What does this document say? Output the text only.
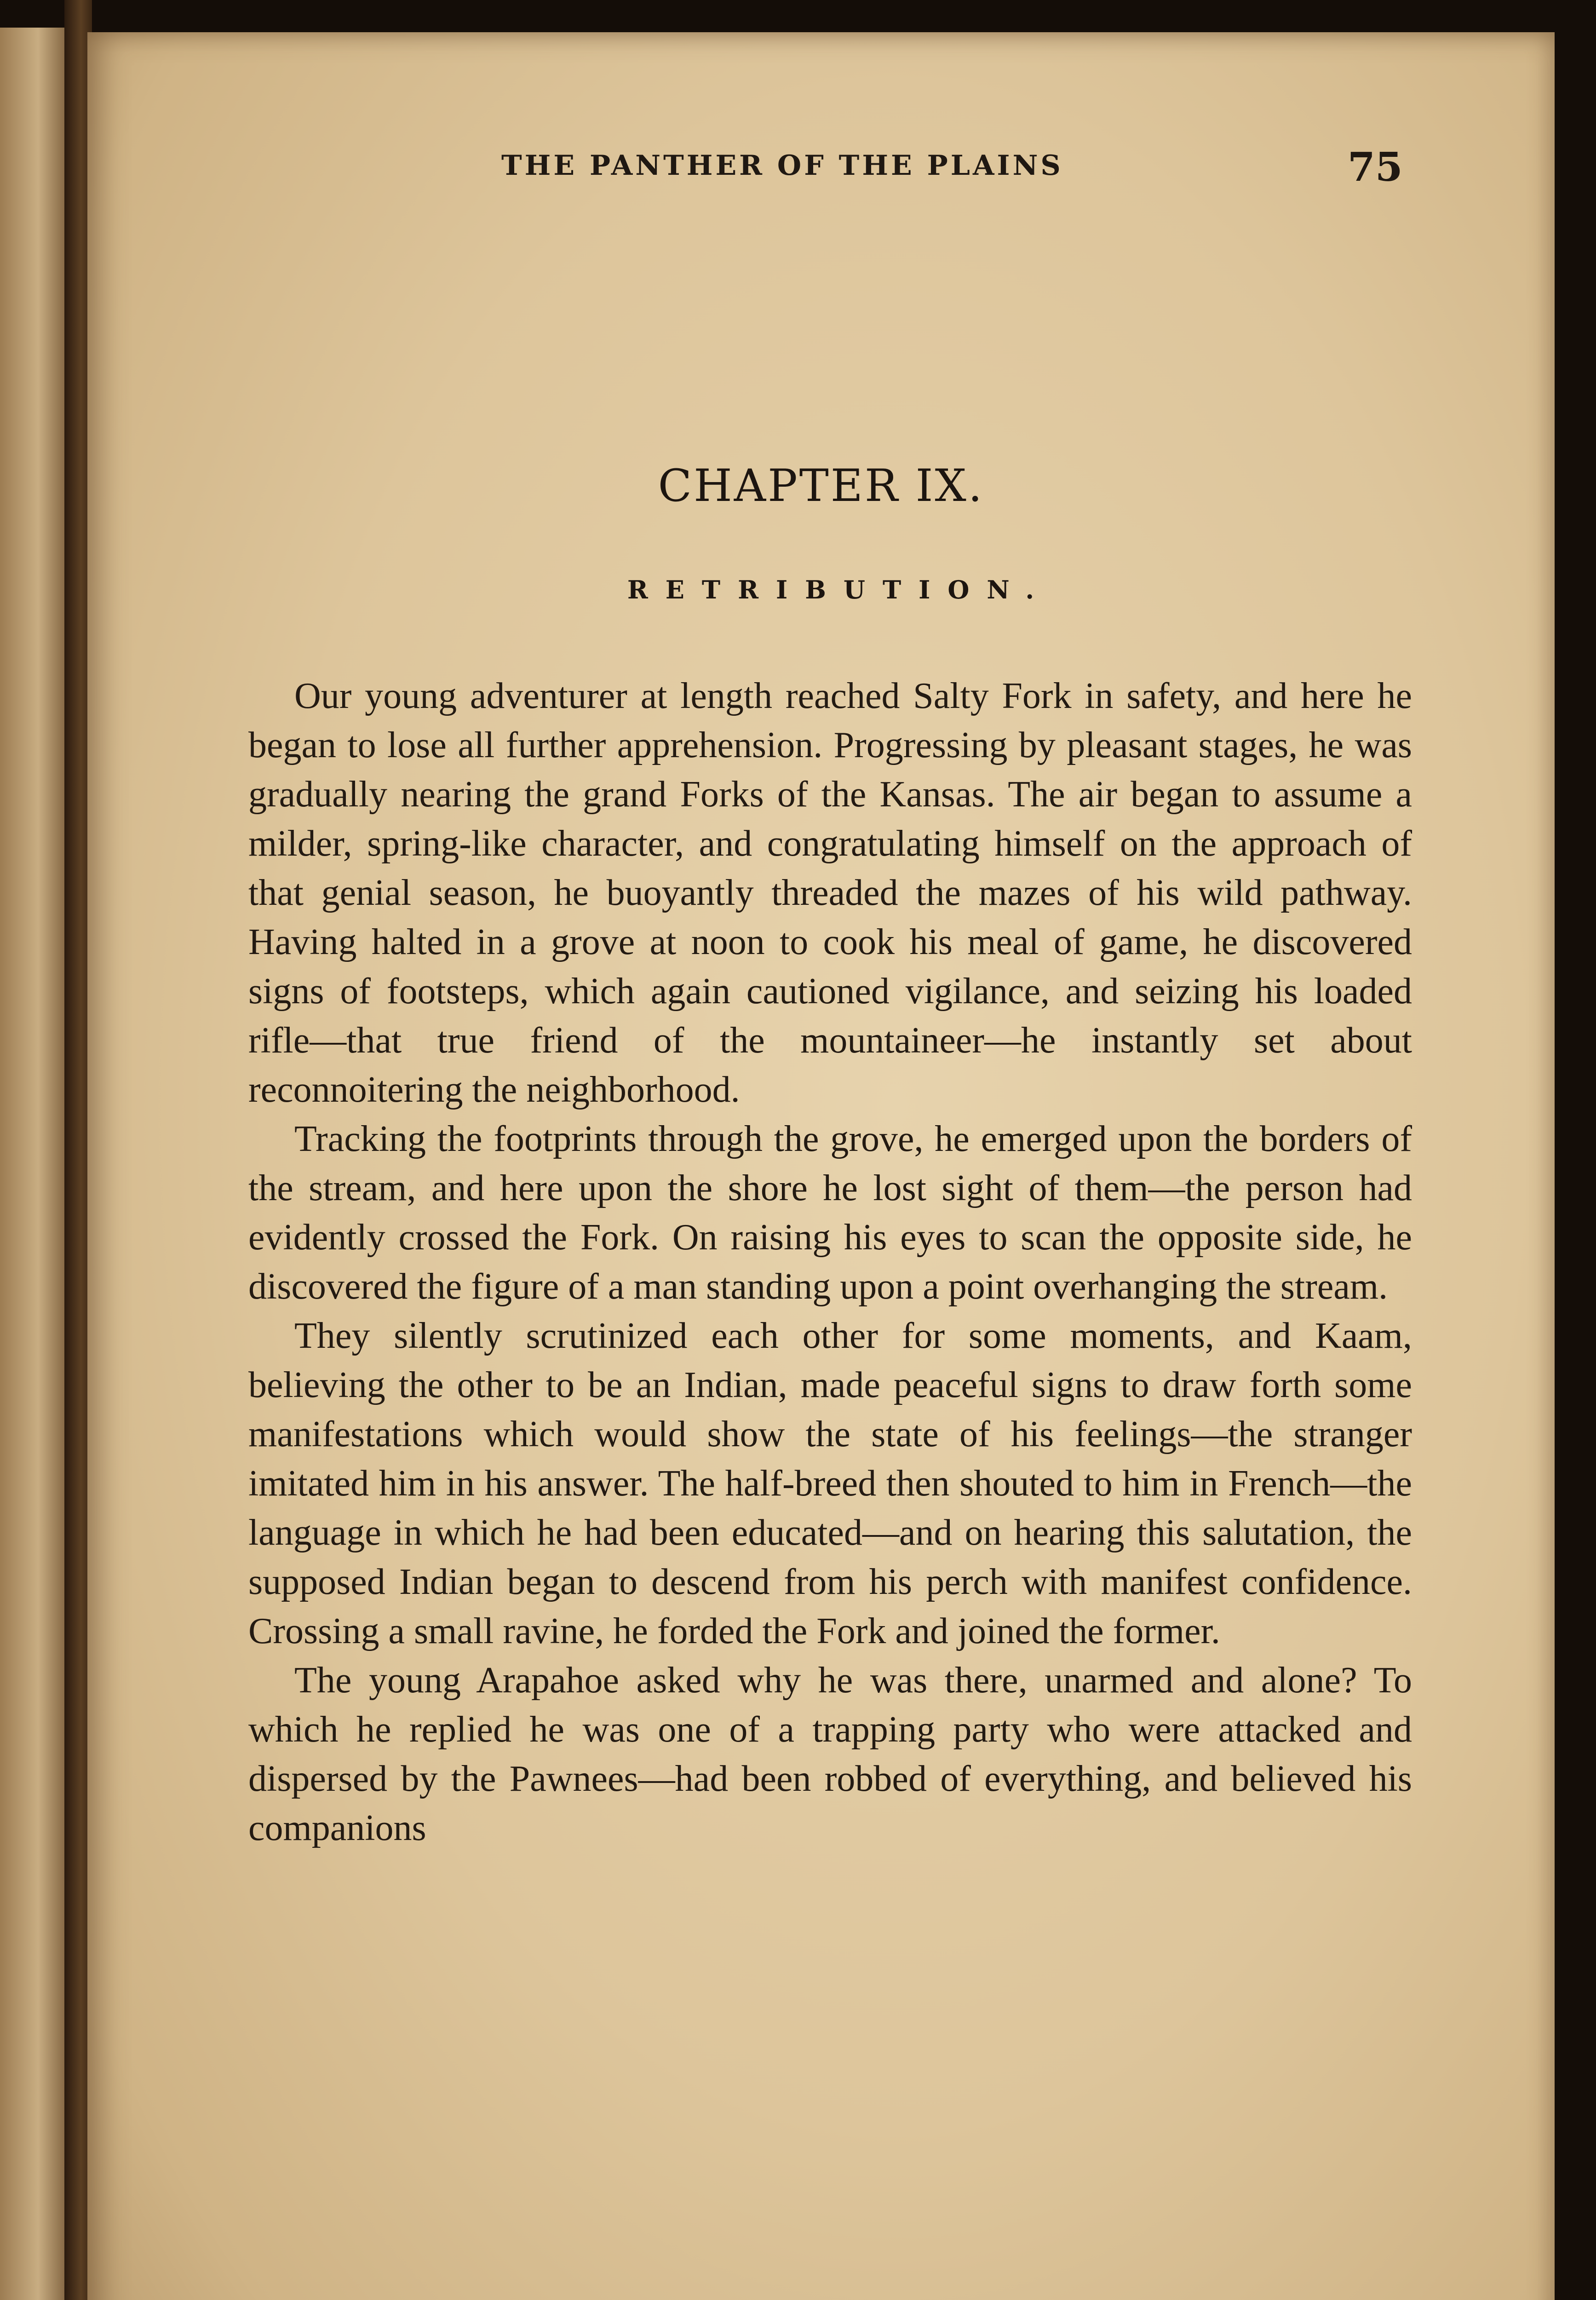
THE PANTHER OF THE PLAINS	75
CHAPTER IX.
RETRIBUTION.

Our young adventurer at length reached Salty Fork in safety, and here he began to lose all further apprehension. Progressing by pleasant stages, he was gradually nearing the grand Forks of the Kansas. The air began to assume a milder, spring-like character, and congratulating himself on the approach of that genial season, he buoyantly threaded the mazes of his wild pathway. Having halted in a grove at noon to cook his meal of game, he discovered signs of footsteps, which again cautioned vigilance, and seizing his loaded rifle—that true friend of the mountaineer—he instantly set about reconnoitering the neighborhood.

Tracking the footprints through the grove, he emerged upon the borders of the stream, and here upon the shore he lost sight of them—the person had evidently crossed the Fork. On raising his eyes to scan the opposite side, he discovered the figure of a man standing upon a point overhanging the stream.

They silently scrutinized each other for some moments, and Kaam, believing the other to be an Indian, made peaceful signs to draw forth some manifestations which would show the state of his feelings—the stranger imitated him in his answer. The half-breed then shouted to him in French—the language in which he had been educated—and on hearing this salutation, the supposed Indian began to descend from his perch with manifest confidence. Crossing a small ravine, he forded the Fork and joined the former.

The young Arapahoe asked why he was there, unarmed and alone? To which he replied he was one of a trapping party who were attacked and dispersed by the Pawnees—had been robbed of everything, and believed his companions
